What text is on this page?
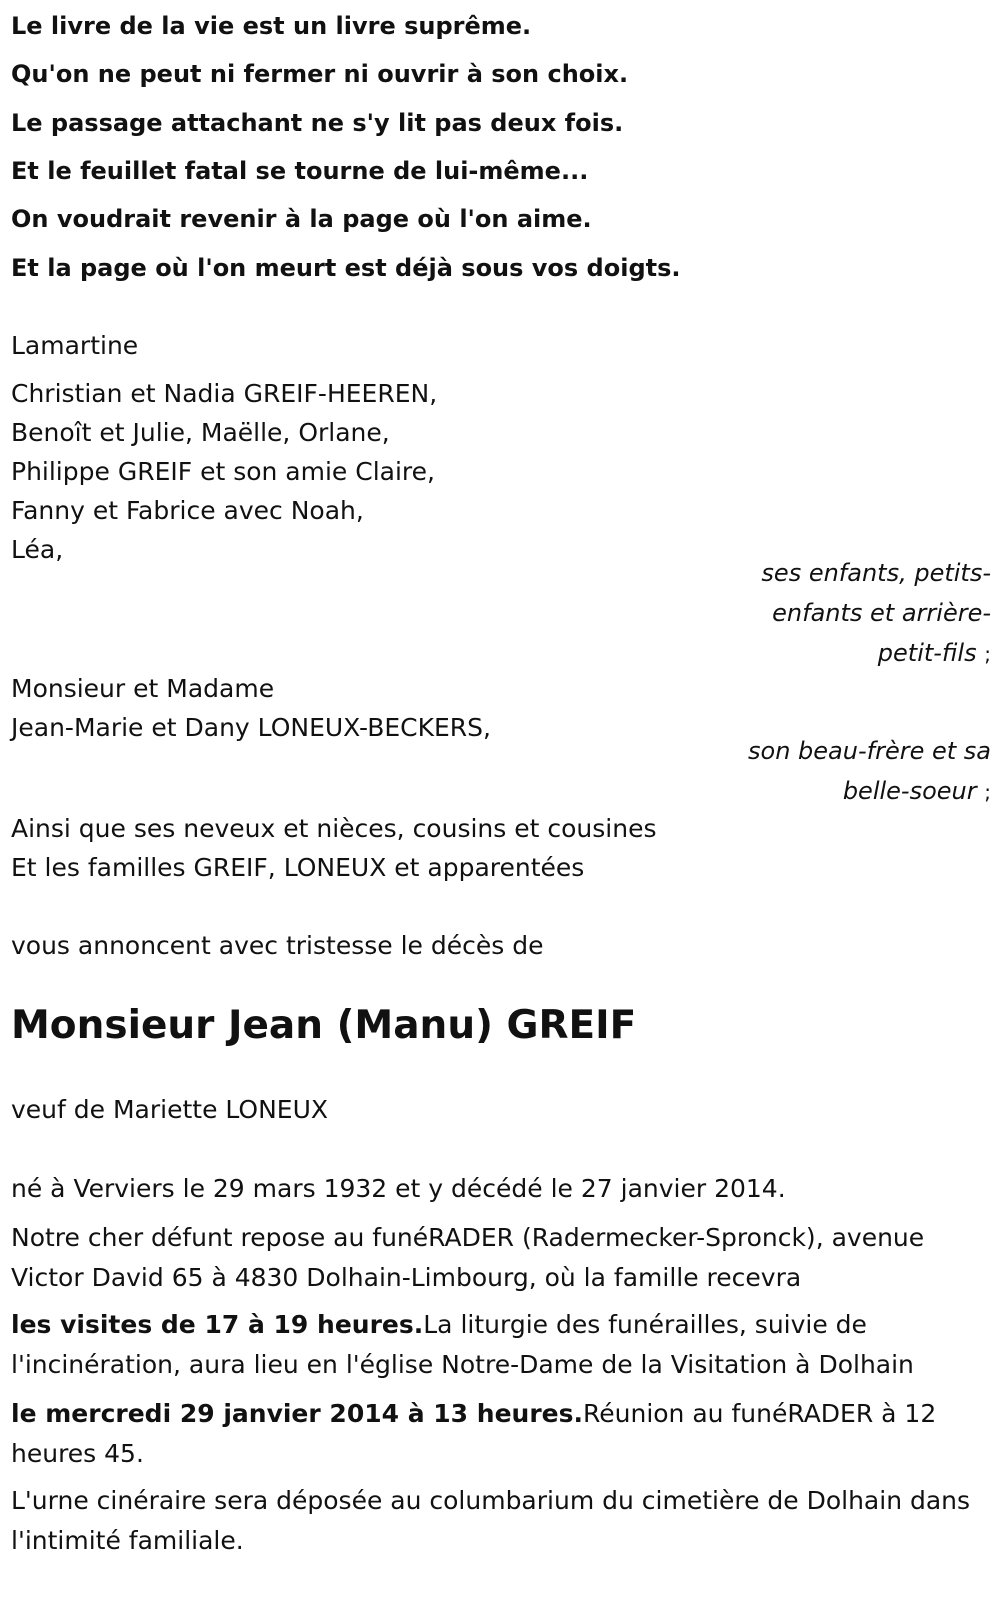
Le livre de la vie est un livre suprême.
Qu'on ne peut ni fermer ni ouvrir à son choix.
Le passage attachant ne s'y lit pas deux fois.
Et le feuillet fatal se tourne de lui-même...
On voudrait revenir à la page où l'on aime.
Et la page où l'on meurt est déjà sous vos doigts.
Lamartine
Christian et Nadia GREIF-HEEREN,
Benoît et Julie, Maëlle, Orlane,
Philippe GREIF et son amie Claire,
Fanny et Fabrice avec Noah,
Léa,
ses enfants, petits-
enfants et arrière-
petit-fils ;
Monsieur et Madame
Jean-Marie et Dany LONEUX-BECKERS,
son beau-frère et sa
belle-soeur ;
Ainsi que ses neveux et nièces, cousins et cousines
Et les familles GREIF, LONEUX et apparentées
vous annoncent avec tristesse le décès de
Monsieur Jean (Manu) GREIF
veuf de Mariette LONEUX
né à Verviers le 29 mars 1932 et y décédé le 27 janvier 2014.
Notre cher défunt repose au funéRADER (Radermecker-Spronck), avenue Victor David 65 à 4830 Dolhain-Limbourg, où la famille recevra
les visites de 17 à 19 heures.La liturgie des funérailles, suivie de l'incinération, aura lieu en l'église Notre-Dame de la Visitation à Dolhain
le mercredi 29 janvier 2014 à 13 heures.Réunion au funéRADER à 12 heures 45.
L'urne cinéraire sera déposée au columbarium du cimetière de Dolhain dans l'intimité familiale.
